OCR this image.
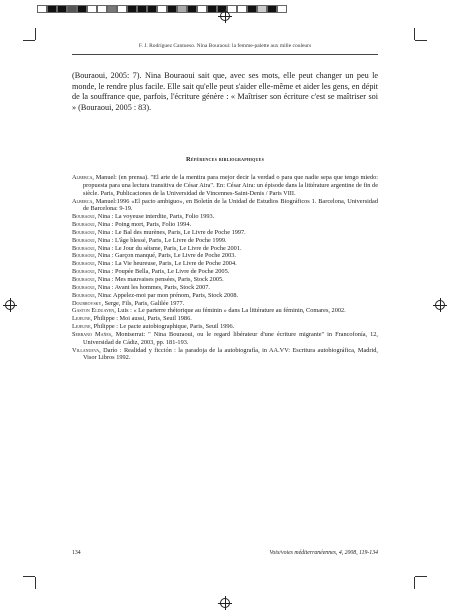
F. J. Rodríguez Cantueso. Nina Bouraoui: la femme-palette aux mille couleurs

(Bouraoui, 2005: 7). Nina Bouraoui sait que, avec ses mots, elle peut changer un peu le monde, le rendre plus facile. Elle sait qu'elle peut s'aider elle-même et aider les gens, en dépit de la souffrance que, parfois, l'écriture génère : « Maîtriser son écriture c'est se maîtriser soi » (Bouraoui, 2005 : 83).

Références bibliographiques
Alberca, Manuel: (en prensa). "El arte de la mentira para mejor decir la verdad o para que nadie sepa que tengo miedo: propuesta para una lectura transitiva de César Aira". En: César Aira: un épisode dans la littérature argentine de fin de siècle. Paris, Publicaciones de la Universidad de Vincennes-Saint-Denis / Paris VIII.
Alberca, Manuel:1996 «El pacto ambiguo», en Boletín de la Unidad de Estudios Biográficos 1. Barcelona, Universidad de Barcelona: 9-19.
Bouraoui, Nina : La voyeuse interdite, Paris, Folio 1993.
Bouraoui, Nina : Poing mort, Paris, Folio 1994.
Bouraoui, Nina : Le Bal des murènes, Paris, Le Livre de Poche 1997.
Bouraoui, Nina : L'âge blessé, Paris, Le Livre de Poche 1999.
Bouraoui, Nina : Le Jour du séisme, Paris, Le Livre de Poche 2001.
Bouraoui, Nina : Garçon manqué, Paris, Le Livre de Poche 2003.
Bouraoui, Nina : La Vie heureuse, Paris, Le Livre de Poche 2004.
Bouraoui, Nina : Poupée Bella, Paris, Le Livre de Poche 2005.
Bouraoui, Nina : Mes mauvaises pensées, Paris, Stock 2005.
Bouraoui, Nina : Avant les hommes, Paris, Stock 2007.
Bouraoui, Nina: Appelez-moi par mon prénom, Paris, Stock 2008.
Doubrovsky, Serge, Fils, Paris, Galilée 1977.
Gaston Elduayen, Luis : « Le parterre rhétorique au féminin » dans La littérature au féminin, Comares, 2002.
Lejeune, Philippe : Moi aussi, Paris, Seuil 1986.
Lejeune, Philippe : Le pacte autobiographique, Paris, Seuil 1996.
Serrano Mañes, Montserrat: " Nina Bouraoui, ou le regard libérateur d'une écriture migrante" in Francofonía, 12, Universidad de Cádiz, 2003, pp. 181-193.
Villanueva, Darío : Realidad y ficción : la paradoja de la autobiografía, in AA.VV: Escritura autobiográfica, Madrid, Visor Libros 1992.
134	Voix/voies méditerranéennes, 4, 2008, 119-134
